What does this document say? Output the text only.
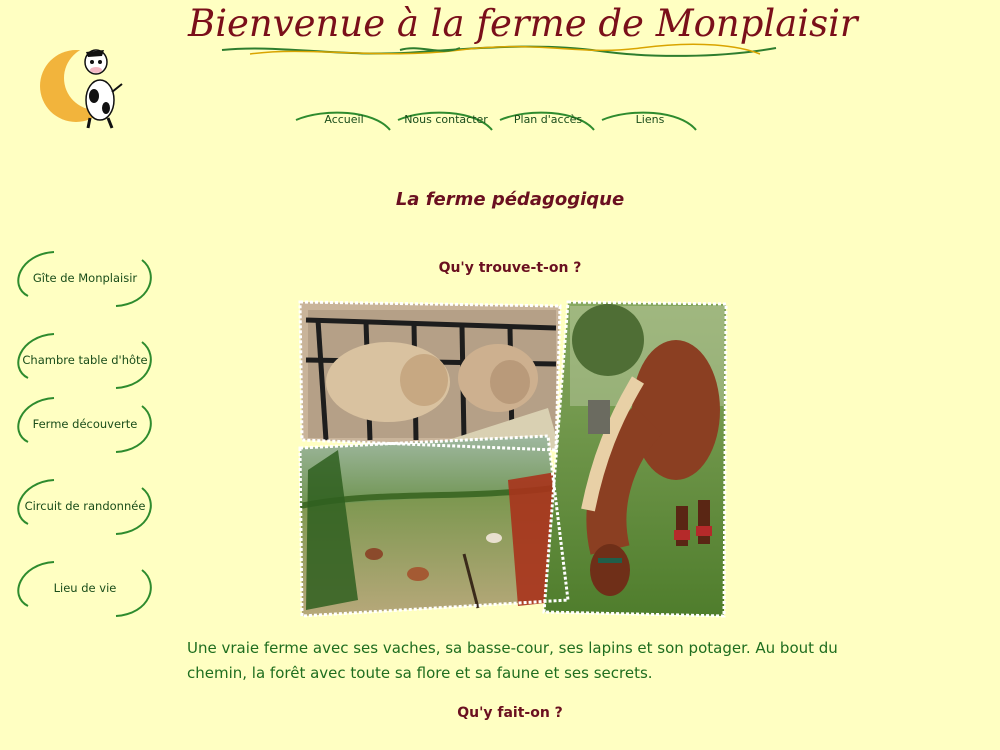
Bienvenue à la ferme de Monplaisir
Accueil	Nous contacter	Plan d'accès	Liens
Gîte de Monplaisir
Chambre table d'hôte
Ferme découverte
Circuit de randonnée
Lieu de vie
La ferme pédagogique
Qu'y trouve-t-on ?

Une vraie ferme avec ses vaches, sa basse-cour, ses lapins et son potager. Au bout du chemin, la forêt avec toute sa flore et sa faune et ses secrets.

Qu'y fait-on ?
